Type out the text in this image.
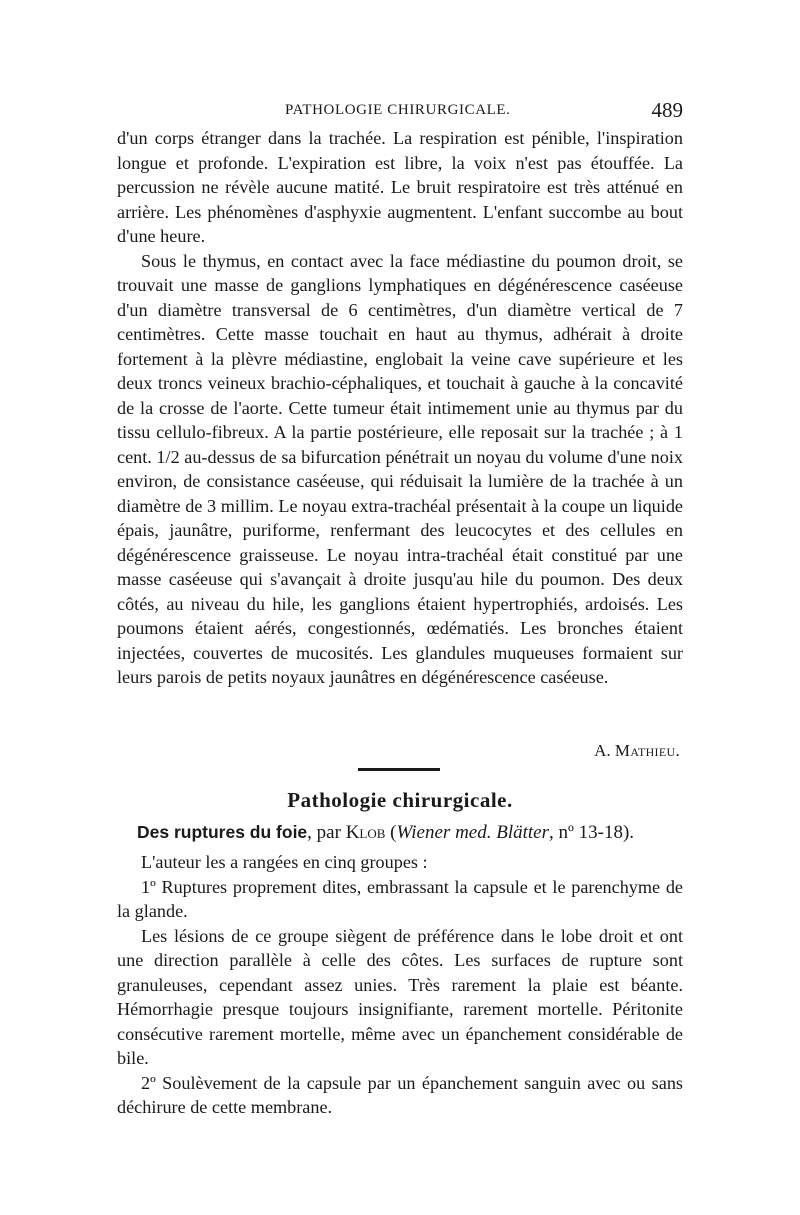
PATHOLOGIE CHIRURGICALE.	489

d'un corps étranger dans la trachée. La respiration est pénible, l'inspiration longue et profonde. L'expiration est libre, la voix n'est pas étouffée. La percussion ne révèle aucune matité. Le bruit respiratoire est très atténué en arrière. Les phénomènes d'asphyxie augmentent. L'enfant succombe au bout d'une heure.

Sous le thymus, en contact avec la face médiastine du poumon droit, se trouvait une masse de ganglions lymphatiques en dégénérescence caséeuse d'un diamètre transversal de 6 centimètres, d'un diamètre vertical de 7 centimètres. Cette masse touchait en haut au thymus, adhérait à droite fortement à la plèvre médiastine, englobait la veine cave supérieure et les deux troncs veineux brachio-céphaliques, et touchait à gauche à la concavité de la crosse de l'aorte. Cette tumeur était intimement unie au thymus par du tissu cellulo-fibreux. A la partie postérieure, elle reposait sur la trachée ; à 1 cent. 1/2 au-dessus de sa bifurcation pénétrait un noyau du volume d'une noix environ, de consistance caséeuse, qui réduisait la lumière de la trachée à un diamètre de 3 millim. Le noyau extra-trachéal présentait à la coupe un liquide épais, jaunâtre, puriforme, renfermant des leucocytes et des cellules en dégénérescence graisseuse. Le noyau intra-trachéal était constitué par une masse caséeuse qui s'avançait à droite jusqu'au hile du poumon. Des deux côtés, au niveau du hile, les ganglions étaient hypertrophiés, ardoisés. Les poumons étaient aérés, congestionnés, œdématiés. Les bronches étaient injectées, couvertes de mucosités. Les glandules muqueuses formaient sur leurs parois de petits noyaux jaunâtres en dégénérescence caséeuse.

A. Mathieu.
Pathologie chirurgicale.
Des ruptures du foie, par Klob (Wiener med. Blätter, nº 13-18).

L'auteur les a rangées en cinq groupes :

1º Ruptures proprement dites, embrassant la capsule et le parenchyme de la glande.

Les lésions de ce groupe siègent de préférence dans le lobe droit et ont une direction parallèle à celle des côtes. Les surfaces de rupture sont granuleuses, cependant assez unies. Très rarement la plaie est béante. Hémorrhagie presque toujours insignifiante, rarement mortelle. Péritonite consécutive rarement mortelle, même avec un épanchement considérable de bile.

2º Soulèvement de la capsule par un épanchement sanguin avec ou sans déchirure de cette membrane.
